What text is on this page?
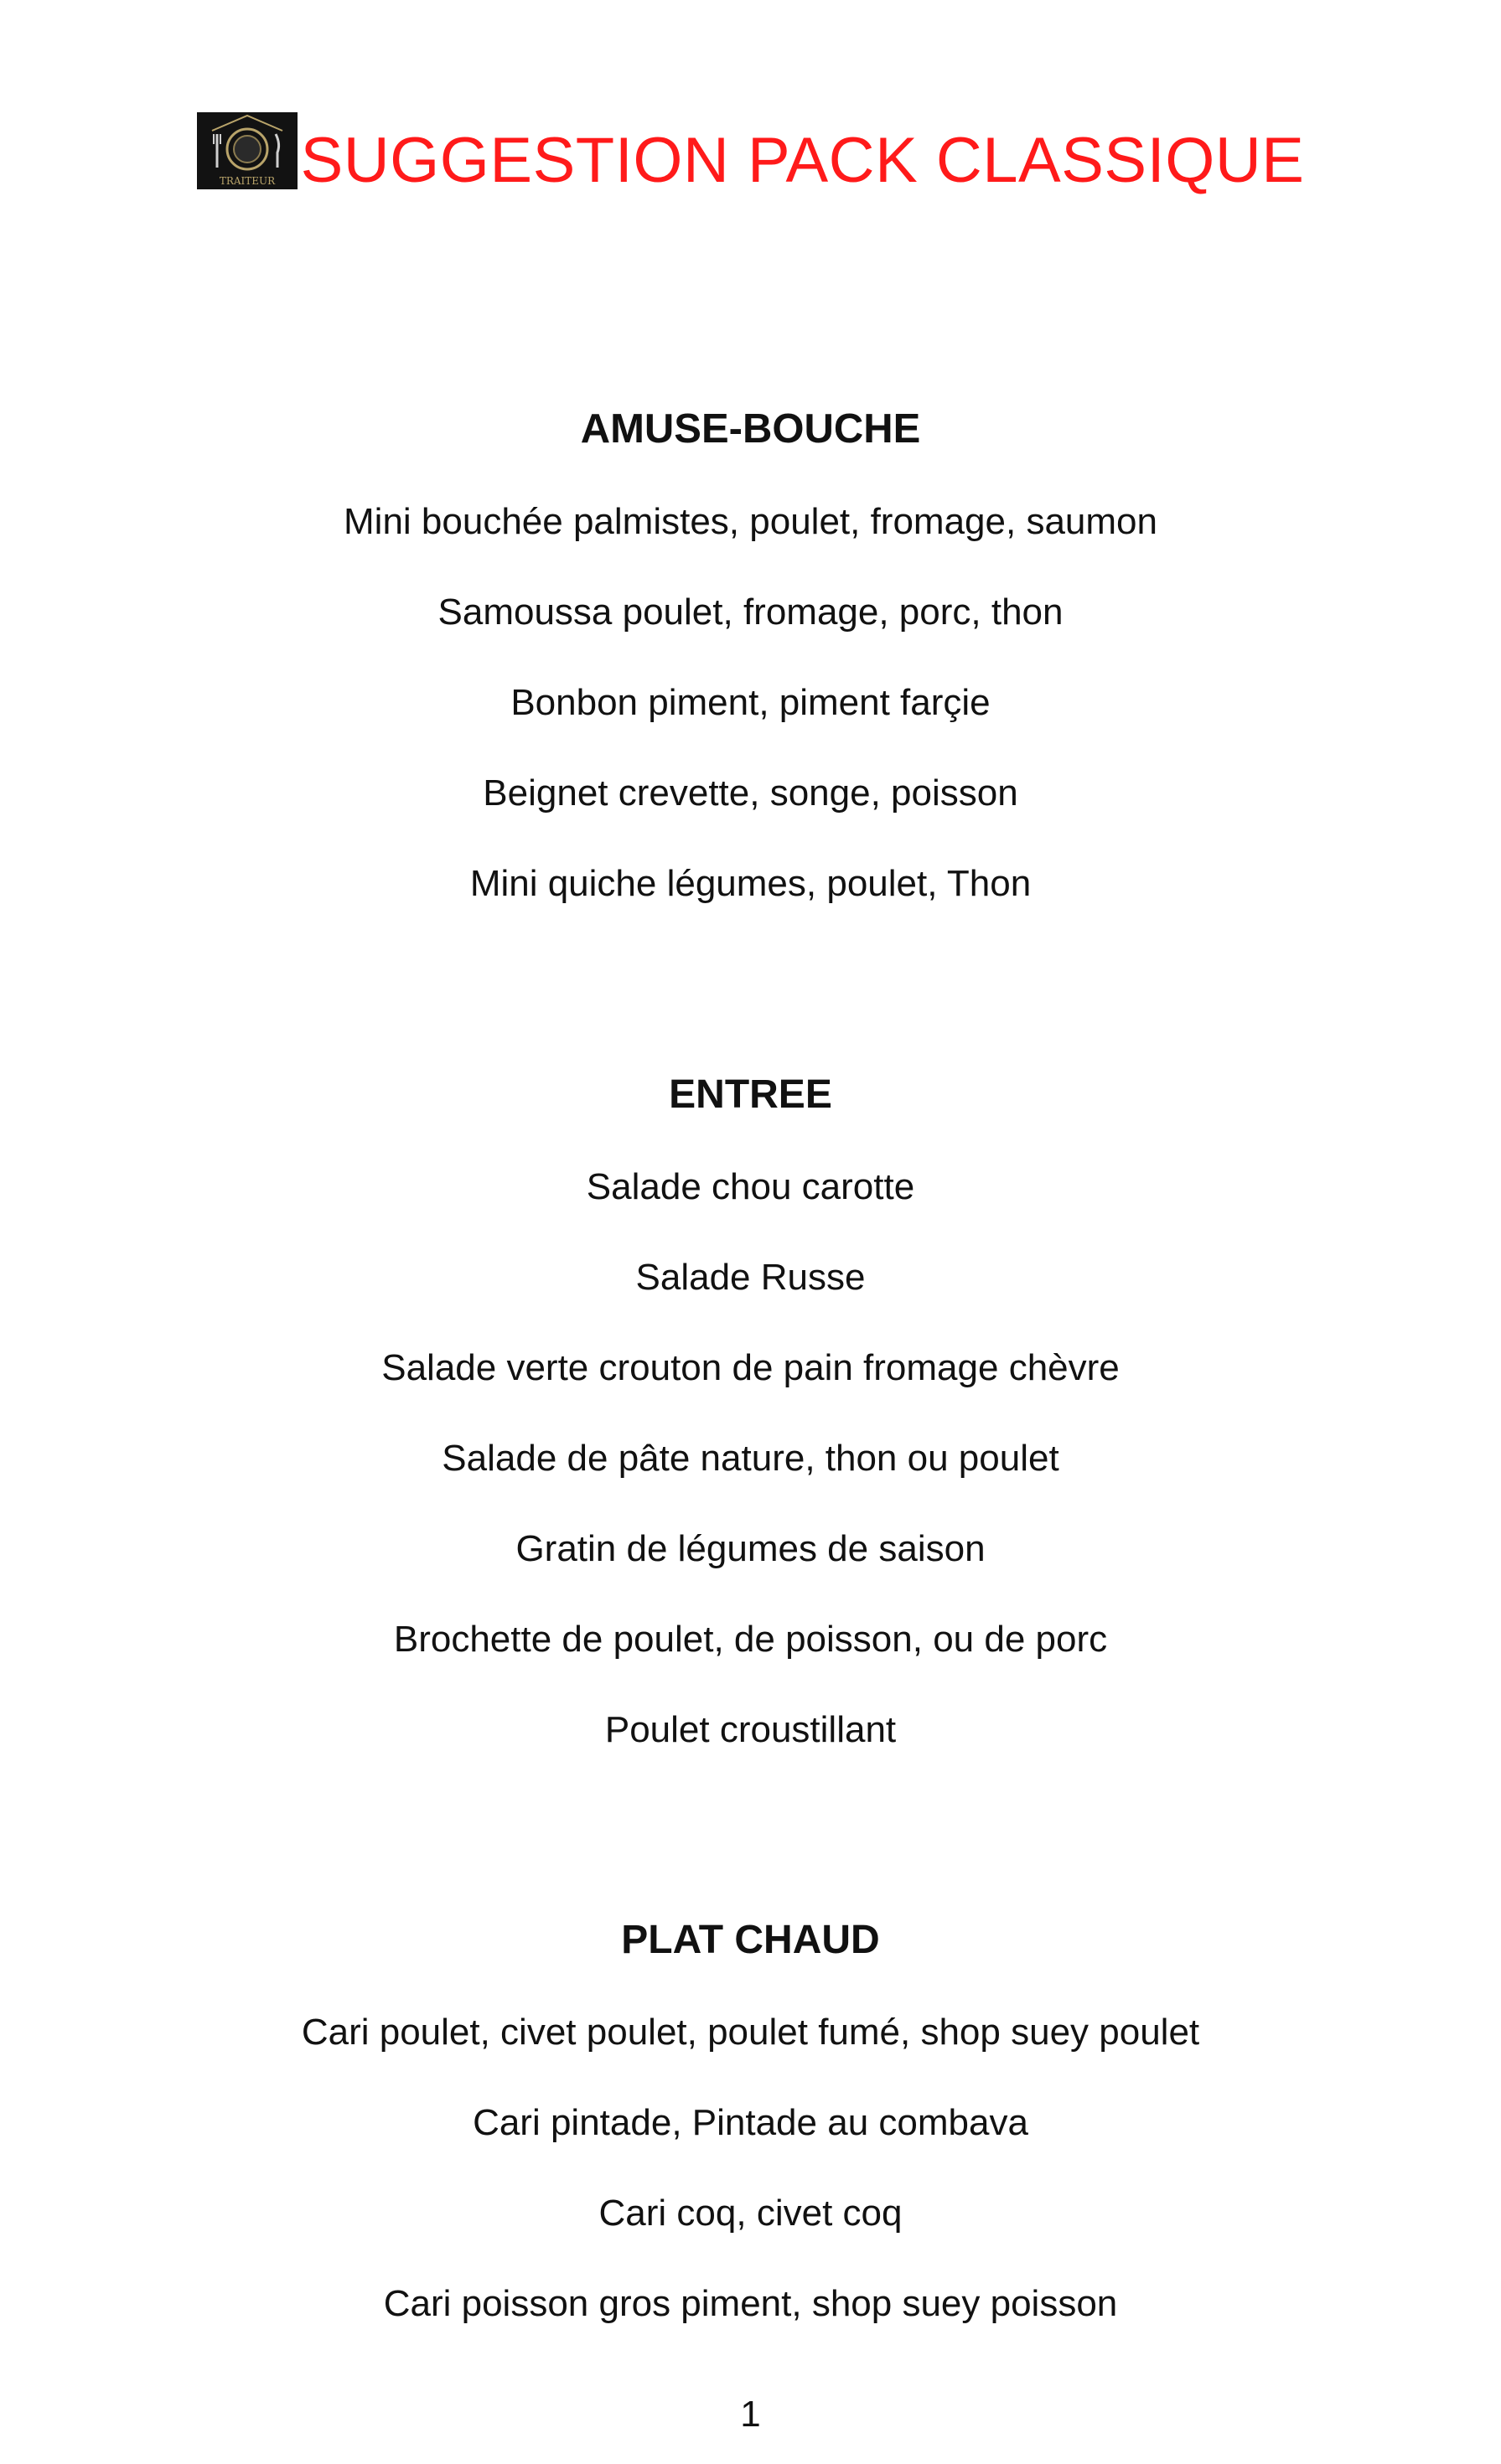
TRAITEUR SUGGESTION PACK CLASSIQUE
AMUSE-BOUCHE

Mini bouchée palmistes, poulet, fromage, saumon

Samoussa poulet, fromage, porc, thon

Bonbon piment, piment farçie

Beignet crevette, songe, poisson

Mini quiche légumes, poulet, Thon

ENTREE

Salade chou carotte

Salade Russe

Salade verte crouton de pain fromage chèvre

Salade de pâte nature, thon ou poulet

Gratin de légumes de saison

Brochette de poulet, de poisson, ou de porc

Poulet croustillant

PLAT CHAUD

Cari poulet, civet poulet, poulet fumé, shop suey poulet

Cari pintade, Pintade au combava

Cari coq, civet coq

Cari poisson gros piment, shop suey poisson

1
